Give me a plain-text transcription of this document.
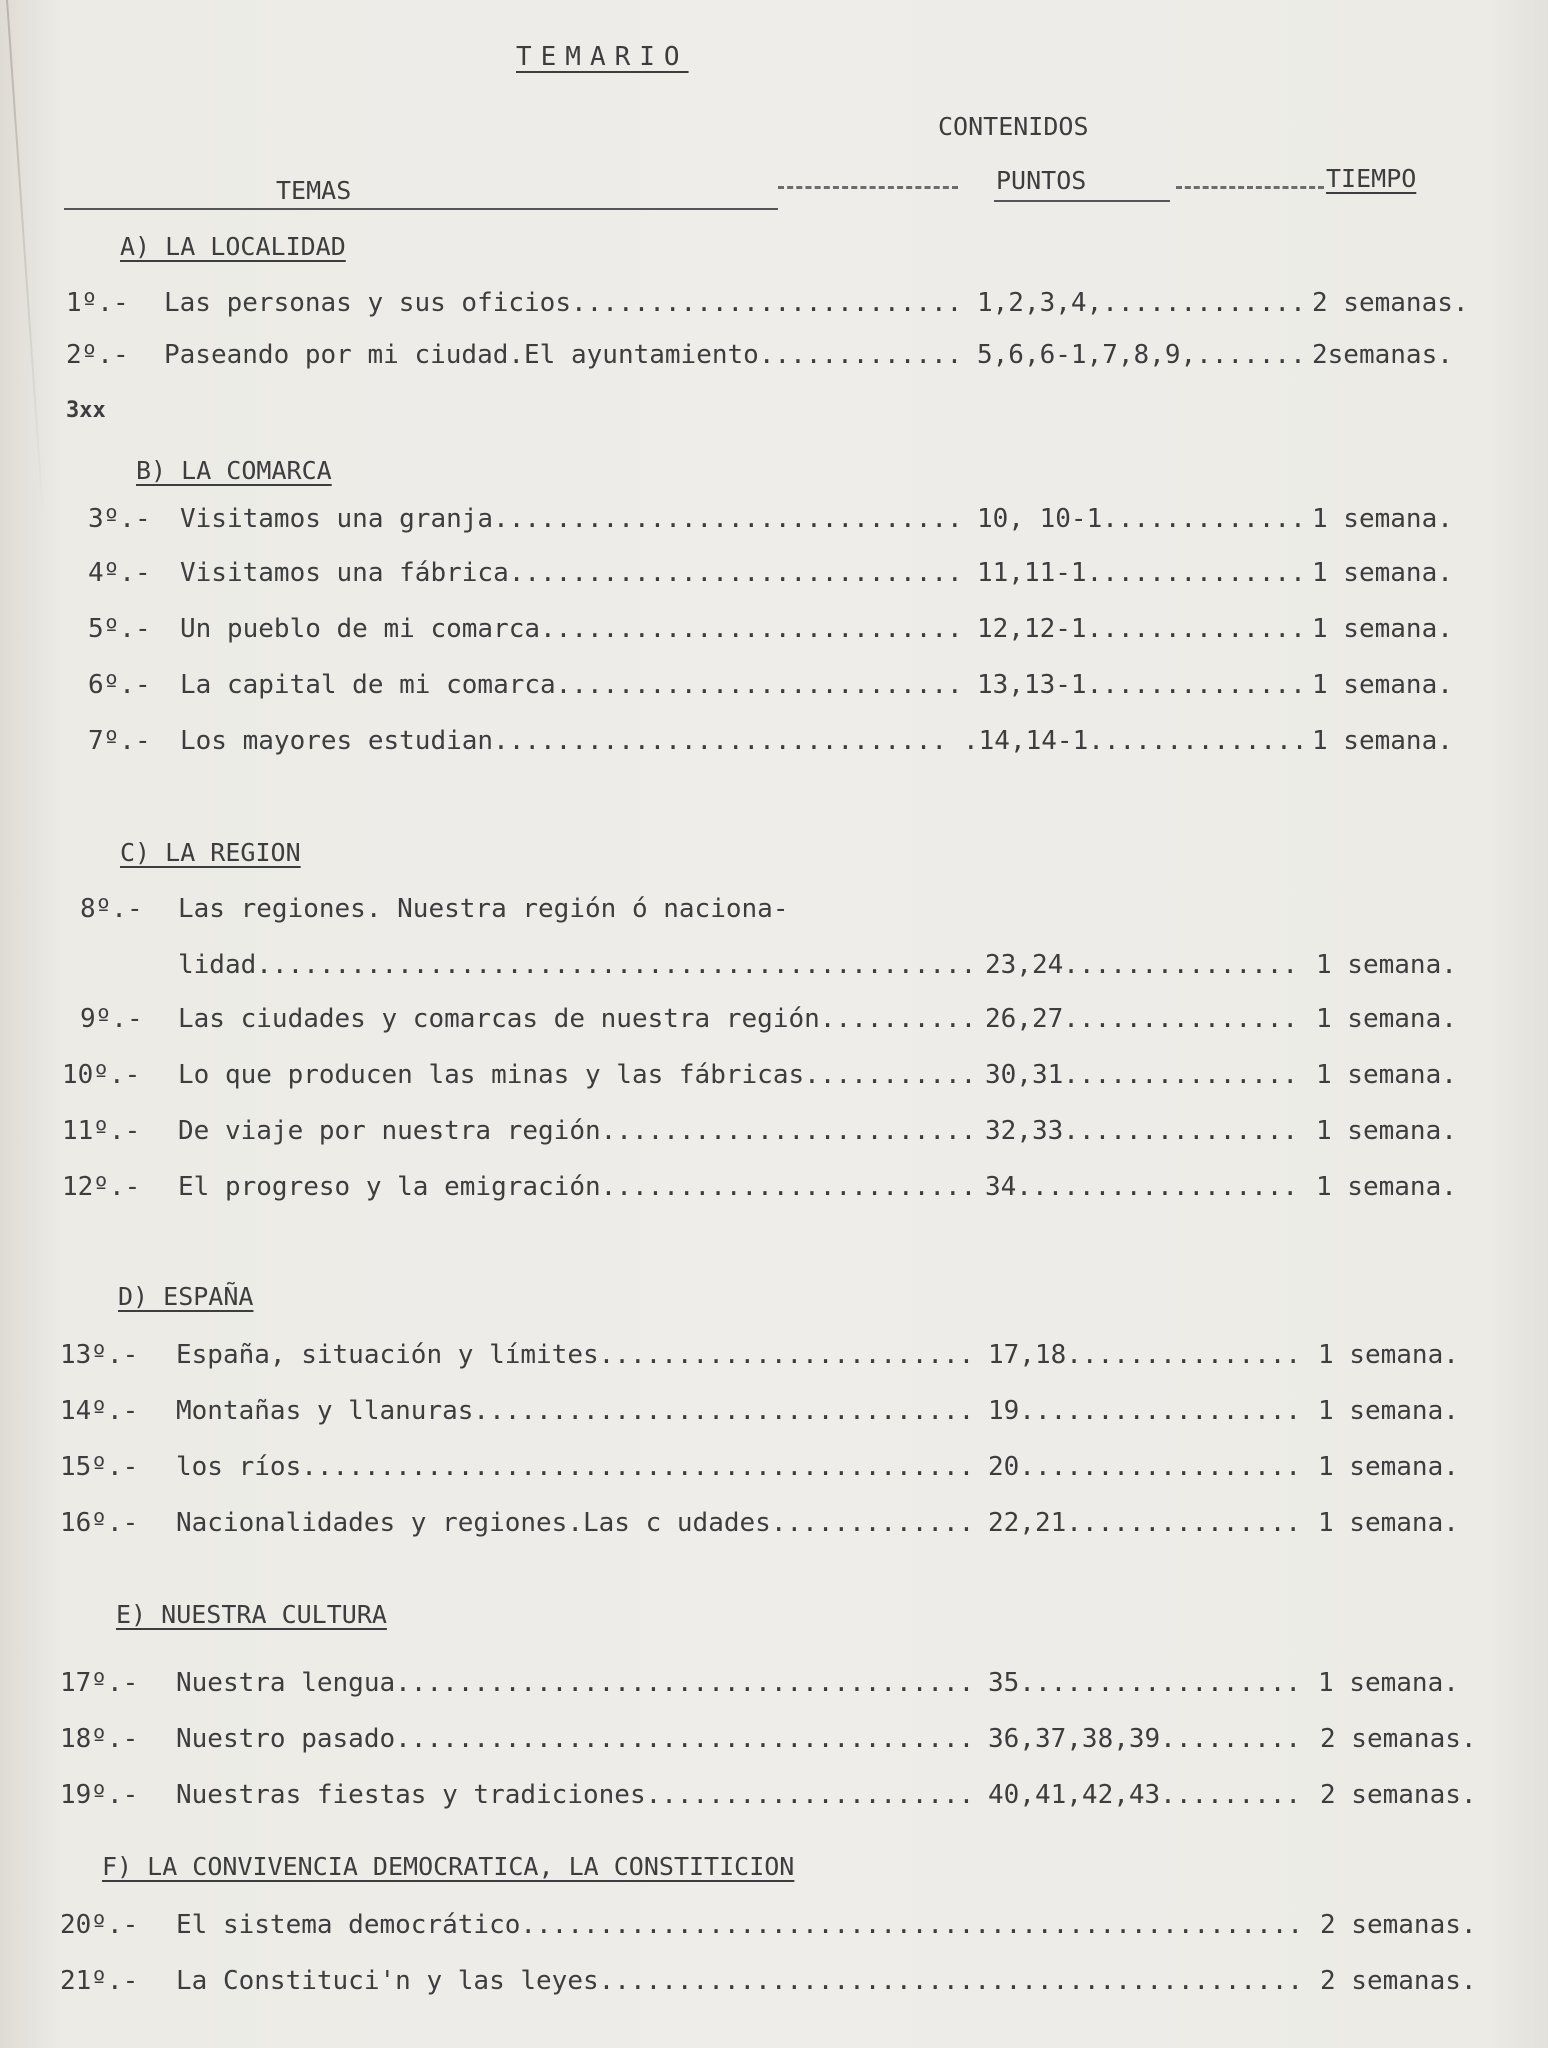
TEMARIO
CONTENIDOS
TEMAS	PUNTOS	TIEMPO
A) LA LOCALIDAD
1º.- Las personas y sus oficios......................... 1,2,3,4,............. 2 semanas.
2º.- Paseando por mi ciudad.El ayuntamiento............. 5,6,6-1,7,8,9,....... 2semanas.
3xx
B) LA COMARCA
3º.- Visitamos una granja.............................. 10, 10-1............. 1 semana.
4º.- Visitamos una fábrica............................. 11,11-1.............. 1 semana.
5º.- Un pueblo de mi comarca........................... 12,12-1.............. 1 semana.
6º.- La capital de mi comarca.......................... 13,13-1.............. 1 semana.
7º.- Los mayores estudian............................. .14,14-1.............. 1 semana.
C) LA REGION
8º.- Las regiones. Nuestra región ó naciona-
lidad.............................................. 23,24............... 1 semana.
9º.- Las ciudades y comarcas de nuestra región.......... 26,27............... 1 semana.
10º.- Lo que producen las minas y las fábricas........... 30,31............... 1 semana.
11º.- De viaje por nuestra región........................ 32,33............... 1 semana.
12º.- El progreso y la emigración........................ 34.................. 1 semana.
D) ESPAÑA
13º.- España, situación y límites........................ 17,18............... 1 semana.
14º.- Montañas y llanuras................................ 19.................. 1 semana.
15º.- los ríos........................................... 20.................. 1 semana.
16º.- Nacionalidades y regiones.Las c udades............. 22,21............... 1 semana.
E) NUESTRA CULTURA
17º.- Nuestra lengua..................................... 35.................. 1 semana.
18º.- Nuestro pasado..................................... 36,37,38,39......... 2 semanas.
19º.- Nuestras fiestas y tradiciones..................... 40,41,42,43......... 2 semanas.
F) LA CONVIVENCIA DEMOCRATICA, LA CONSTITICION
20º.- El sistema democrático.................................................. 2 semanas.
21º.- La Constituci'n y las leyes............................................. 2 semanas.
